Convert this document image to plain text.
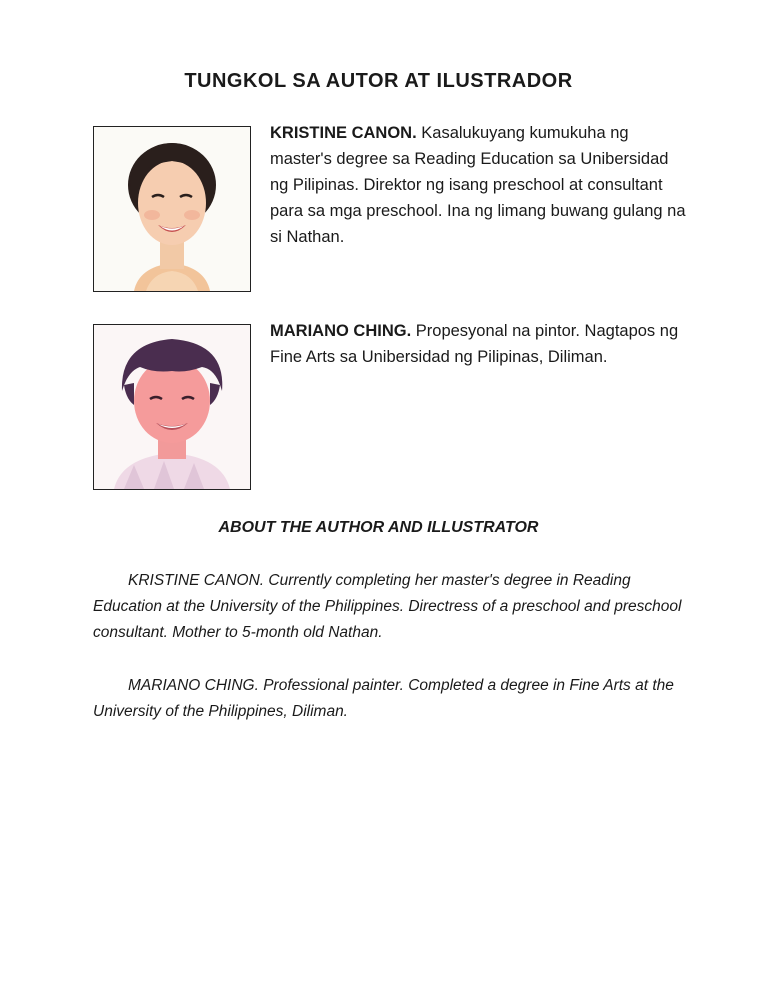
TUNGKOL SA AUTOR AT ILUSTRADOR
KRISTINE CANON. Kasalukuyang kumukuha ng master's degree sa Reading Education sa Unibersidad ng Pilipinas. Direktor ng isang preschool at consultant para sa mga preschool. Ina ng limang buwang gulang na si Nathan.
MARIANO CHING. Propesyonal na pintor. Nagtapos ng Fine Arts sa Unibersidad ng Pilipinas, Diliman.
ABOUT THE AUTHOR AND ILLUSTRATOR

KRISTINE CANON. Currently completing her master's degree in Reading Education at the University of the Philippines. Directress of a preschool and preschool consultant. Mother to 5-month old Nathan.

MARIANO CHING. Professional painter. Completed a degree in Fine Arts at the University of the Philippines, Diliman.
